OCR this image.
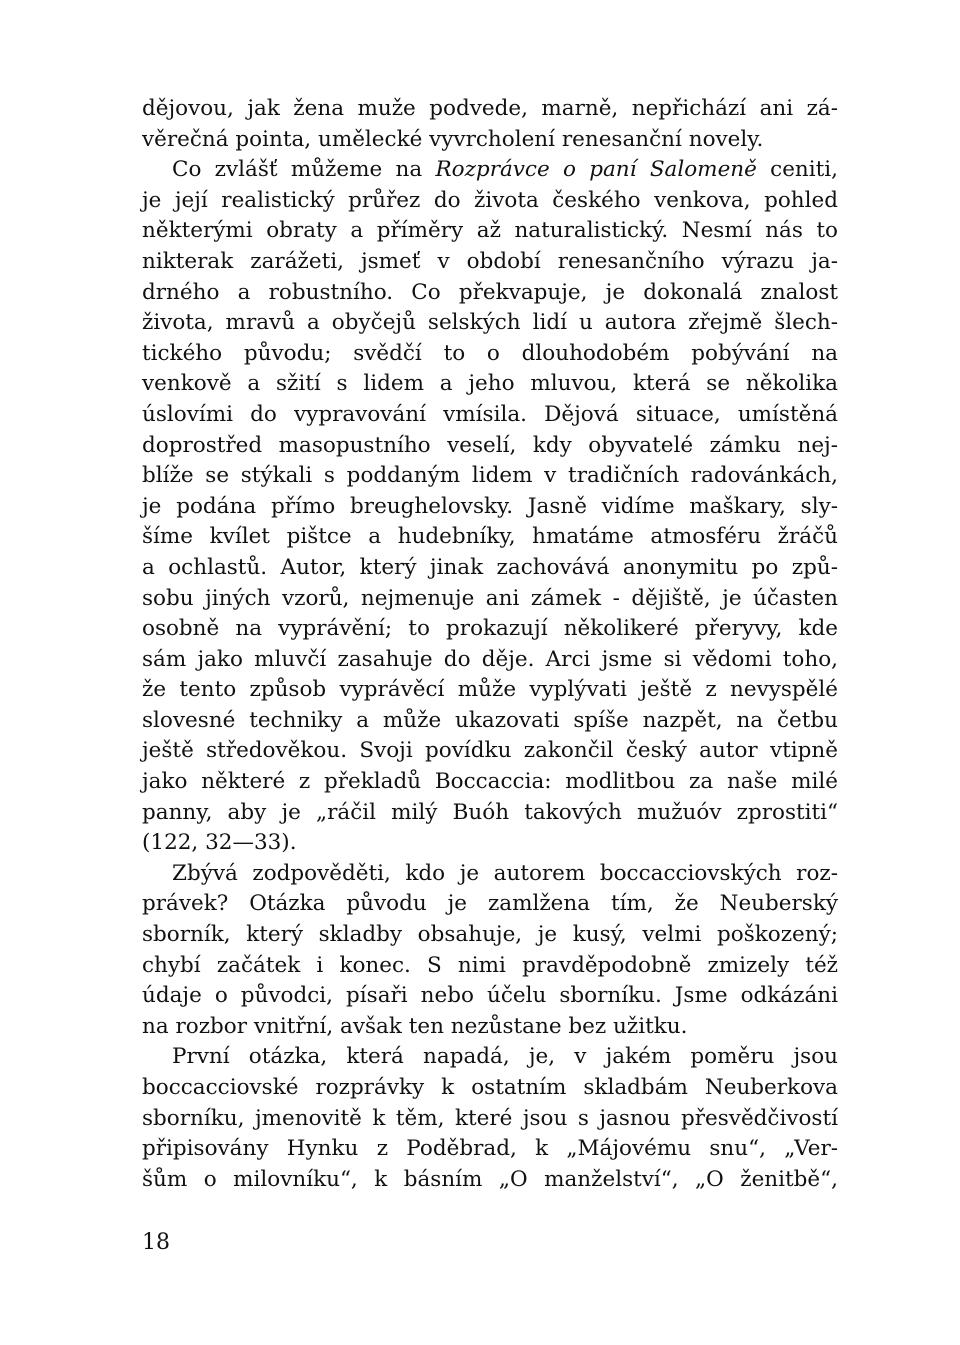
dějovou, jak žena muže podvede, marně, nepřichází ani zá-
věrečná pointa, umělecké vyvrcholení renesanční novely.
Co zvlášť můžeme na Rozprávce o paní Salomeně ceniti,
je její realistický průřez do života českého venkova, pohled
některými obraty a příměry až naturalistický. Nesmí nás to
nikterak zarážeti, jsmeť v období renesančního výrazu ja-
drného a robustního. Co překvapuje, je dokonalá znalost
života, mravů a obyčejů selských lidí u autora zřejmě šlech-
tického původu; svědčí to o dlouhodobém pobývání na
venkově a sžití s lidem a jeho mluvou, která se několika
úslovími do vypravování vmísila. Dějová situace, umístěná
doprostřed masopustního veselí, kdy obyvatelé zámku nej-
blíže se stýkali s poddaným lidem v tradičních radovánkách,
je podána přímo breughelovsky. Jasně vidíme maškary, sly-
šíme kvílet pištce a hudebníky, hmatáme atmosféru žráčů
a ochlastů. Autor, který jinak zachovává anonymitu po způ-
sobu jiných vzorů, nejmenuje ani zámek - dějiště, je účasten
osobně na vyprávění; to prokazují několikeré přeryvy, kde
sám jako mluvčí zasahuje do děje. Arci jsme si vědomi toho,
že tento způsob vyprávěcí může vyplývati ještě z nevyspělé
slovesné techniky a může ukazovati spíše nazpět, na četbu
ještě středověkou. Svoji povídku zakončil český autor vtipně
jako některé z překladů Boccaccia: modlitbou za naše milé
panny, aby je „ráčil milý Buóh takových mužuóv zprostiti“
(122, 32—33).
Zbývá zodpověděti, kdo je autorem boccacciovských roz-
právek? Otázka původu je zamlžena tím, že Neuberský
sborník, který skladby obsahuje, je kusý, velmi poškozený;
chybí začátek i konec. S nimi pravděpodobně zmizely též
údaje o původci, písaři nebo účelu sborníku. Jsme odkázáni
na rozbor vnitřní, avšak ten nezůstane bez užitku.
První otázka, která napadá, je, v jakém poměru jsou
boccacciovské rozprávky k ostatním skladbám Neuberkova
sborníku, jmenovitě k těm, které jsou s jasnou přesvědčivostí
připisovány Hynku z Poděbrad, k „Májovému snu“, „Ver-
šům o milovníku“, k básním „O manželství“, „O ženitbě“,
18
